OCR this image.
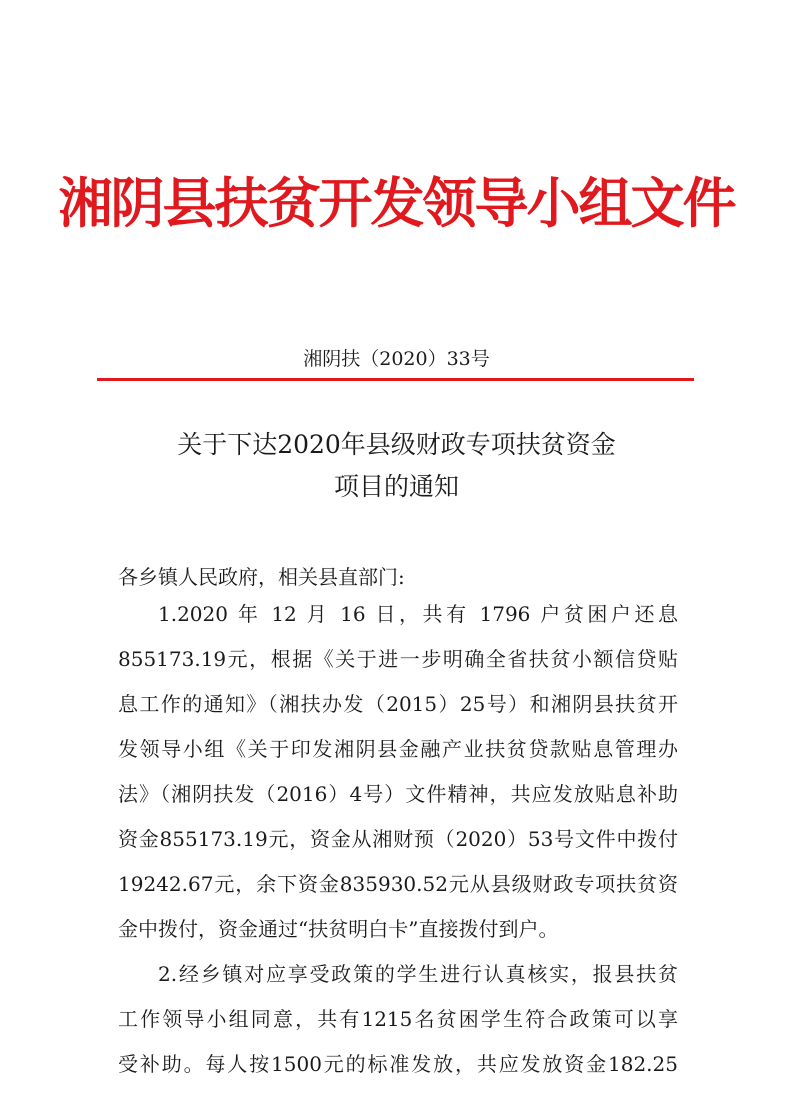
湘阴县扶贫开发领导小组文件
湘阴扶（2020）33号
关于下达2020年县级财政专项扶贫资金
项目的通知
各乡镇人民政府，相关县直部门:
1.2020 年 12 月 16 日，共有 1796 户贫困户还息
855173.19元，根据《关于进一步明确全省扶贫小额信贷贴
息工作的通知》（湘扶办发（2015）25号）和湘阴县扶贫开
发领导小组《关于印发湘阴县金融产业扶贫贷款贴息管理办
法》（湘阴扶发（2016）4号）文件精神，共应发放贴息补助
资金855173.19元，资金从湘财预（2020）53号文件中拨付
19242.67元，余下资金835930.52元从县级财政专项扶贫资
金中拨付，资金通过“扶贫明白卡”直接拨付到户。
2.经乡镇对应享受政策的学生进行认真核实，报县扶贫
工作领导小组同意，共有1215名贫困学生符合政策可以享
受补助。每人按1500元的标准发放，共应发放资金182.25
